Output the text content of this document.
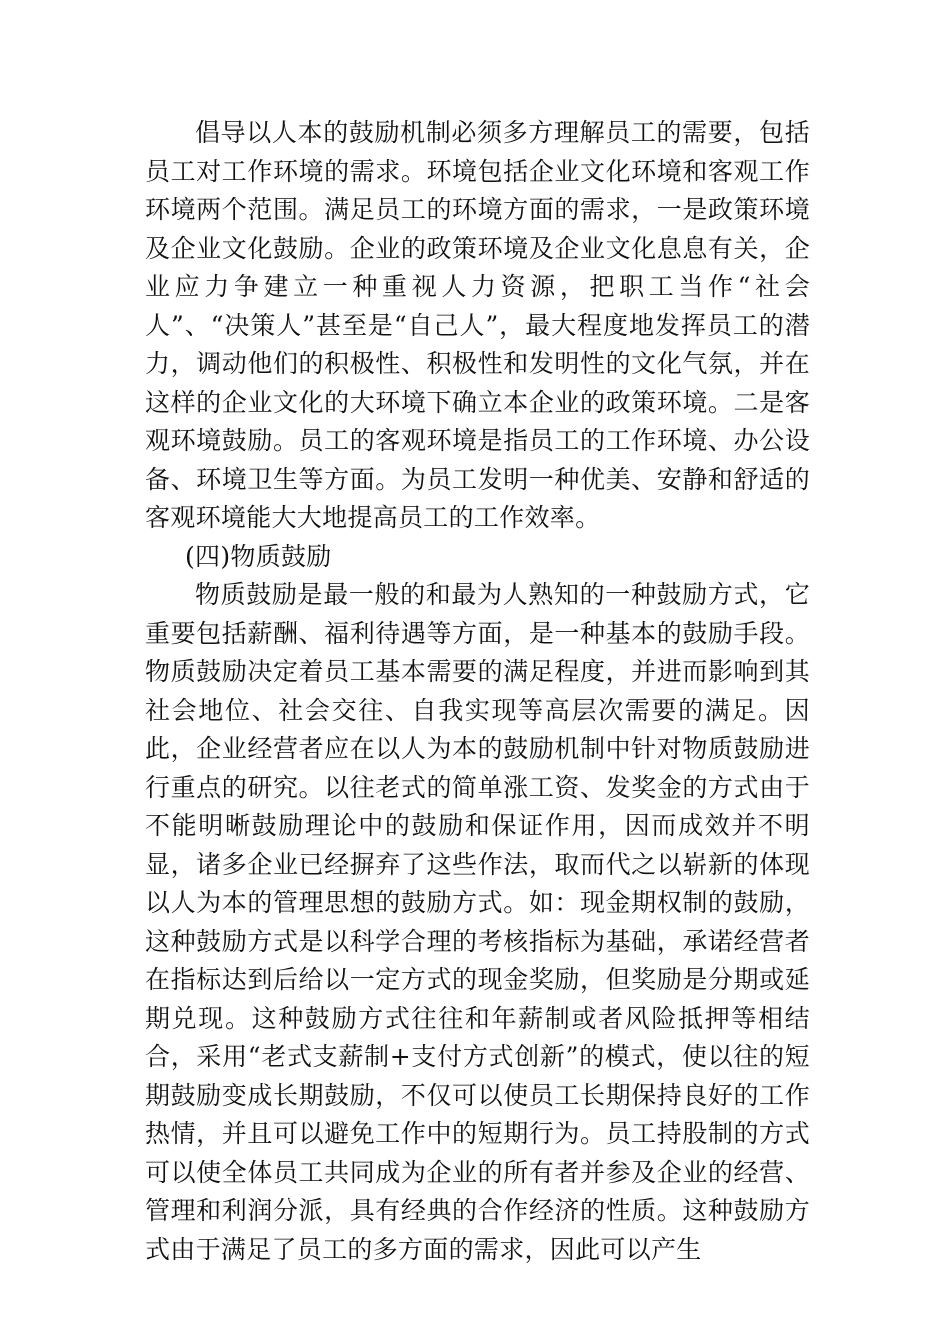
倡导以人本的鼓励机制必须多方理解员工的需要，包括员工对工作环境的需求。环境包括企业文化环境和客观工作环境两个范围。满足员工的环境方面的需求，一是政策环境及企业文化鼓励。企业的政策环境及企业文化息息有关，企业应力争建立一种重视人力资源，把职工当作“社会人”、“决策人”甚至是“自己人”，最大程度地发挥员工的潜力，调动他们的积极性、积极性和发明性的文化气氛，并在这样的企业文化的大环境下确立本企业的政策环境。二是客观环境鼓励。员工的客观环境是指员工的工作环境、办公设备、环境卫生等方面。为员工发明一种优美、安静和舒适的客观环境能大大地提高员工的工作效率。

(四)物质鼓励

物质鼓励是最一般的和最为人熟知的一种鼓励方式，它重要包括薪酬、福利待遇等方面，是一种基本的鼓励手段。物质鼓励决定着员工基本需要的满足程度，并进而影响到其社会地位、社会交往、自我实现等高层次需要的满足。因此，企业经营者应在以人为本的鼓励机制中针对物质鼓励进行重点的研究。以往老式的简单涨工资、发奖金的方式由于不能明晰鼓励理论中的鼓励和保证作用，因而成效并不明显，诸多企业已经摒弃了这些作法，取而代之以崭新的体现以人为本的管理思想的鼓励方式。如：现金期权制的鼓励，这种鼓励方式是以科学合理的考核指标为基础，承诺经营者在指标达到后给以一定方式的现金奖励，但奖励是分期或延期兑现。这种鼓励方式往往和年薪制或者风险抵押等相结合，采用“老式支薪制+支付方式创新”的模式，使以往的短期鼓励变成长期鼓励，不仅可以使员工长期保持良好的工作热情，并且可以避免工作中的短期行为。员工持股制的方式可以使全体员工共同成为企业的所有者并参及企业的经营、管理和利润分派，具有经典的合作经济的性质。这种鼓励方式由于满足了员工的多方面的需求，因此可以产生
